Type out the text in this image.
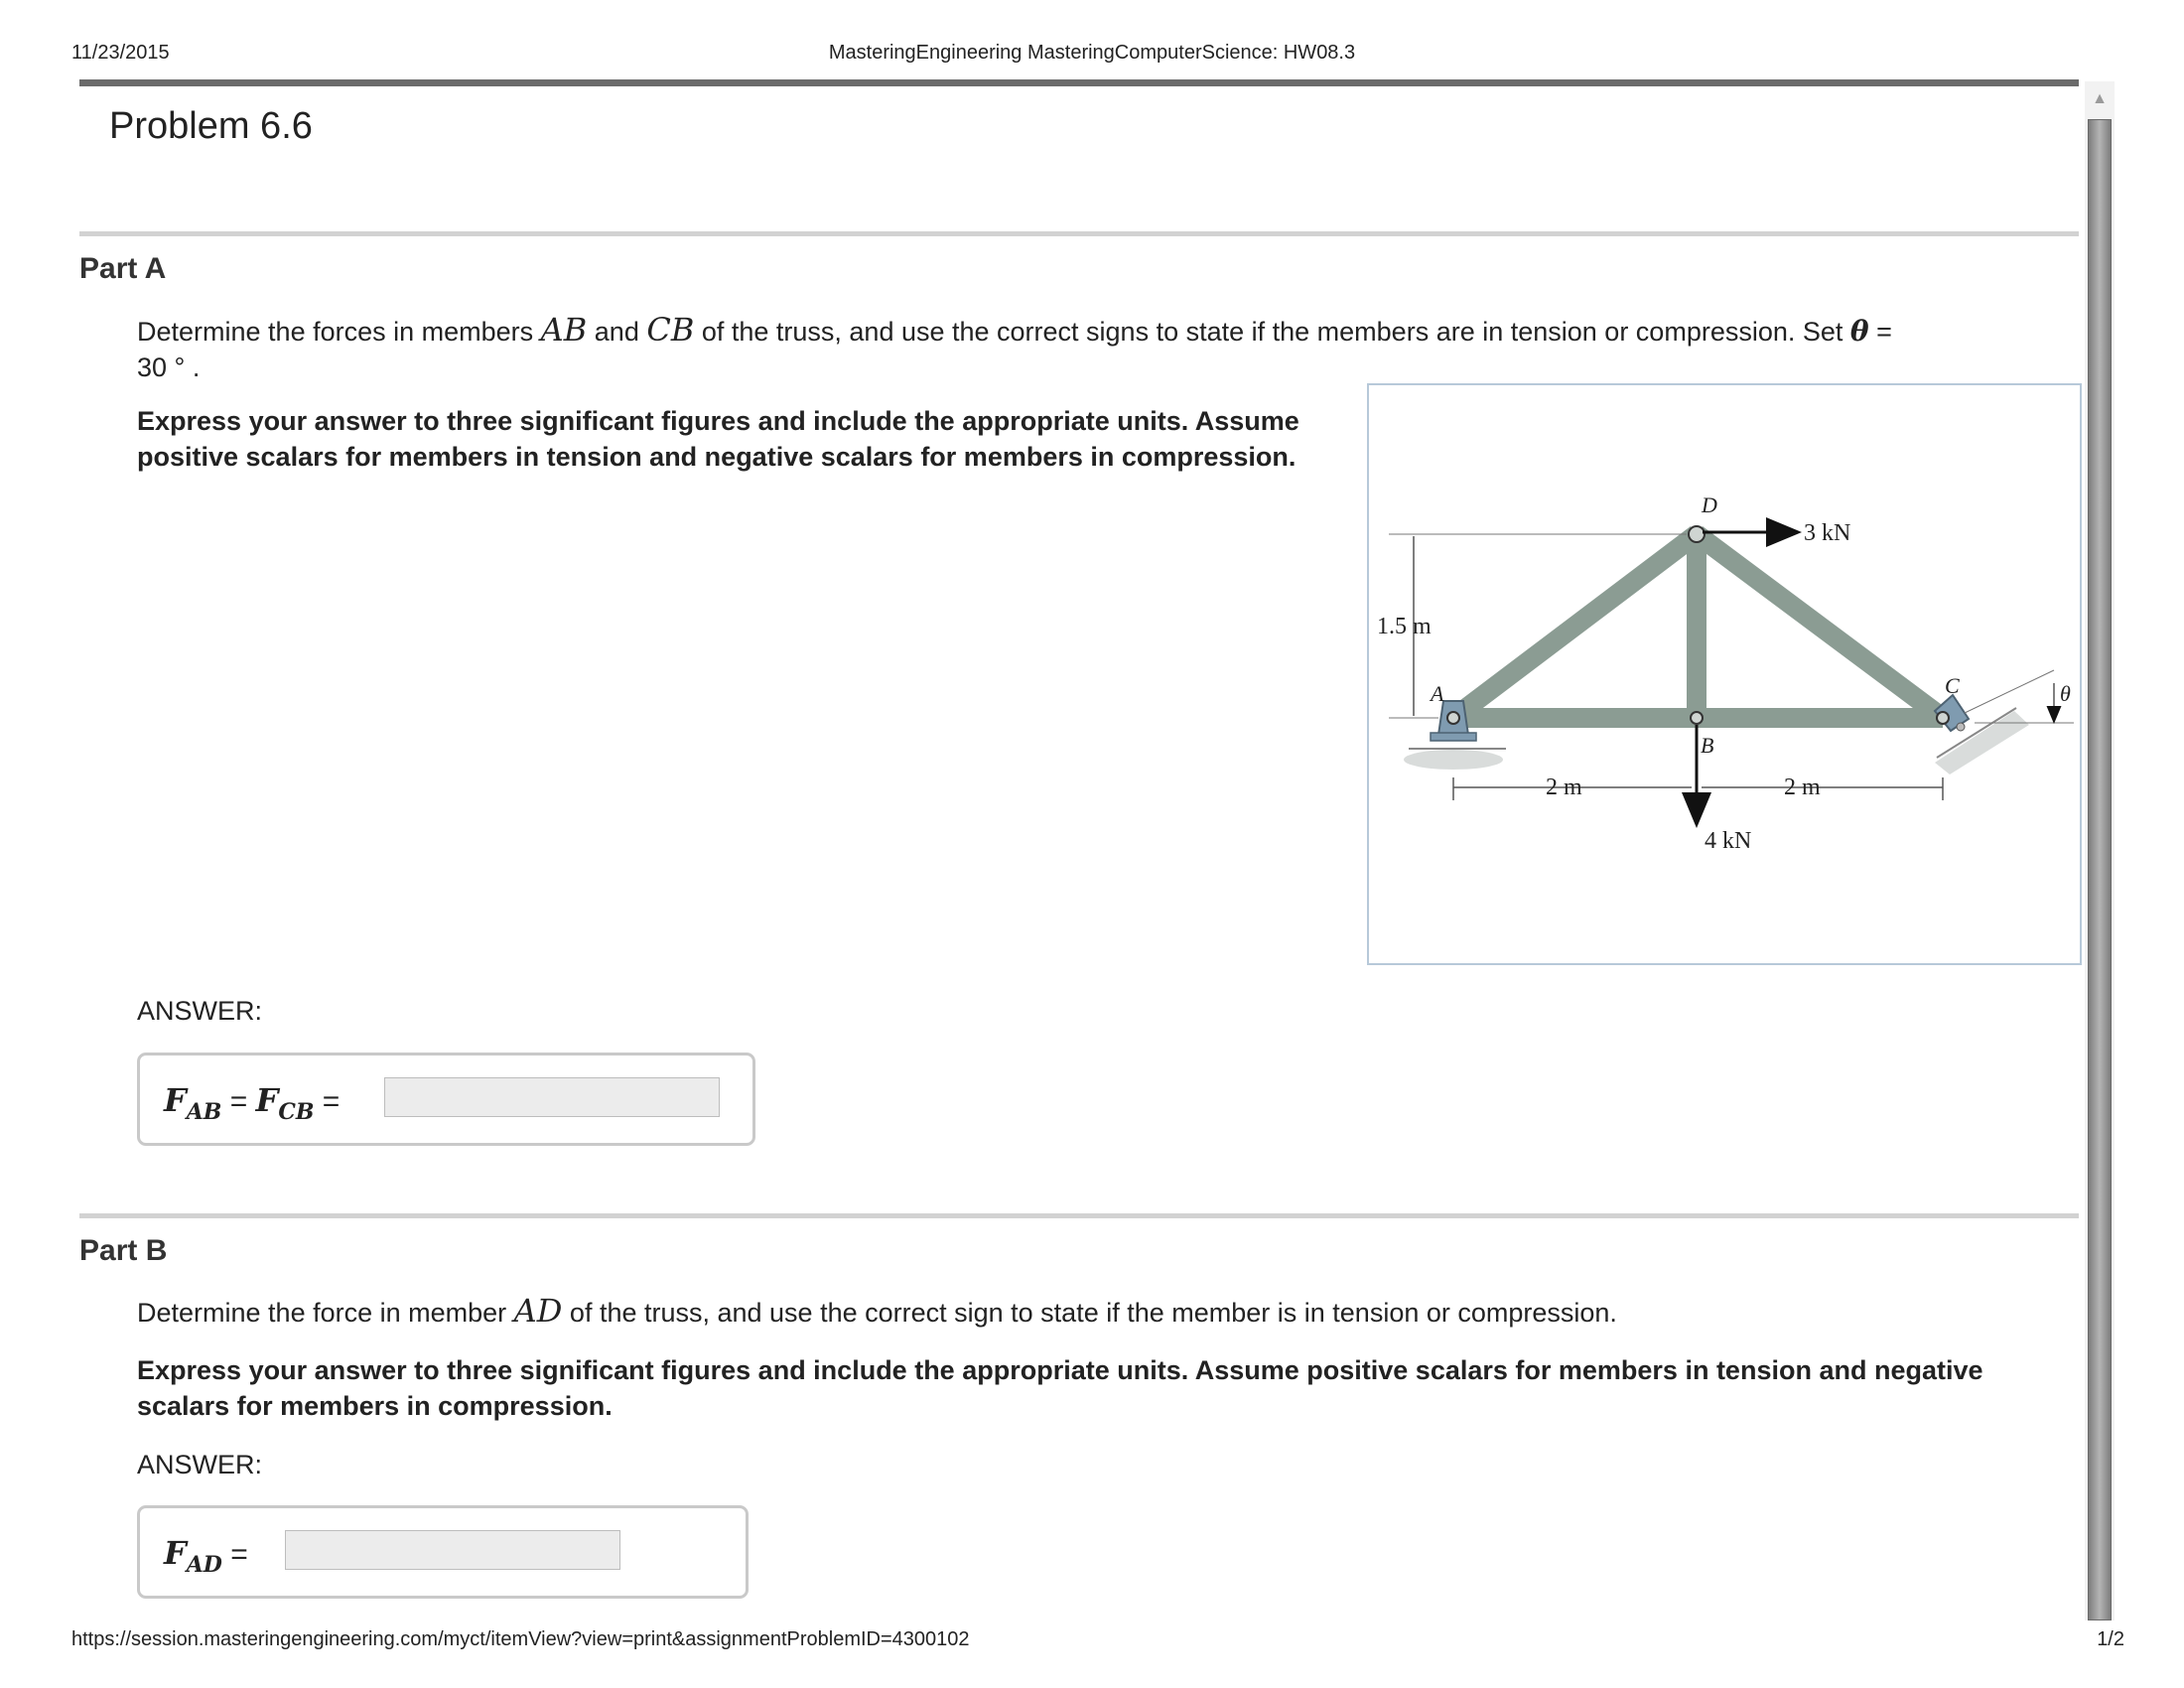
11/23/2015	MasteringEngineering MasteringComputerScience: HW08.3
https://session.masteringengineering.com/myct/itemView?view=print&assignmentProblemID=4300102	1/2
Problem 6.6
Part A
Determine the forces in members AB and CB of the truss, and use the correct signs to state if the members are in tension or compression. Set θ =
30 ° .
Express your answer to three significant figures and include the appropriate units. Assume positive scalars for members in tension and negative scalars for members in compression.
D
A
B
C
3 kN
4 kN
1.5 m
2 m	2 m
θ
ANSWER:
$F_{AB} = F_{CB}$ =
Part B
Determine the force in member AD of the truss, and use the correct sign to state if the member is in tension or compression.
Express your answer to three significant figures and include the appropriate units. Assume positive scalars for members in tension and negative scalars for members in compression.
ANSWER:
$F_{AD}$ =
▲
